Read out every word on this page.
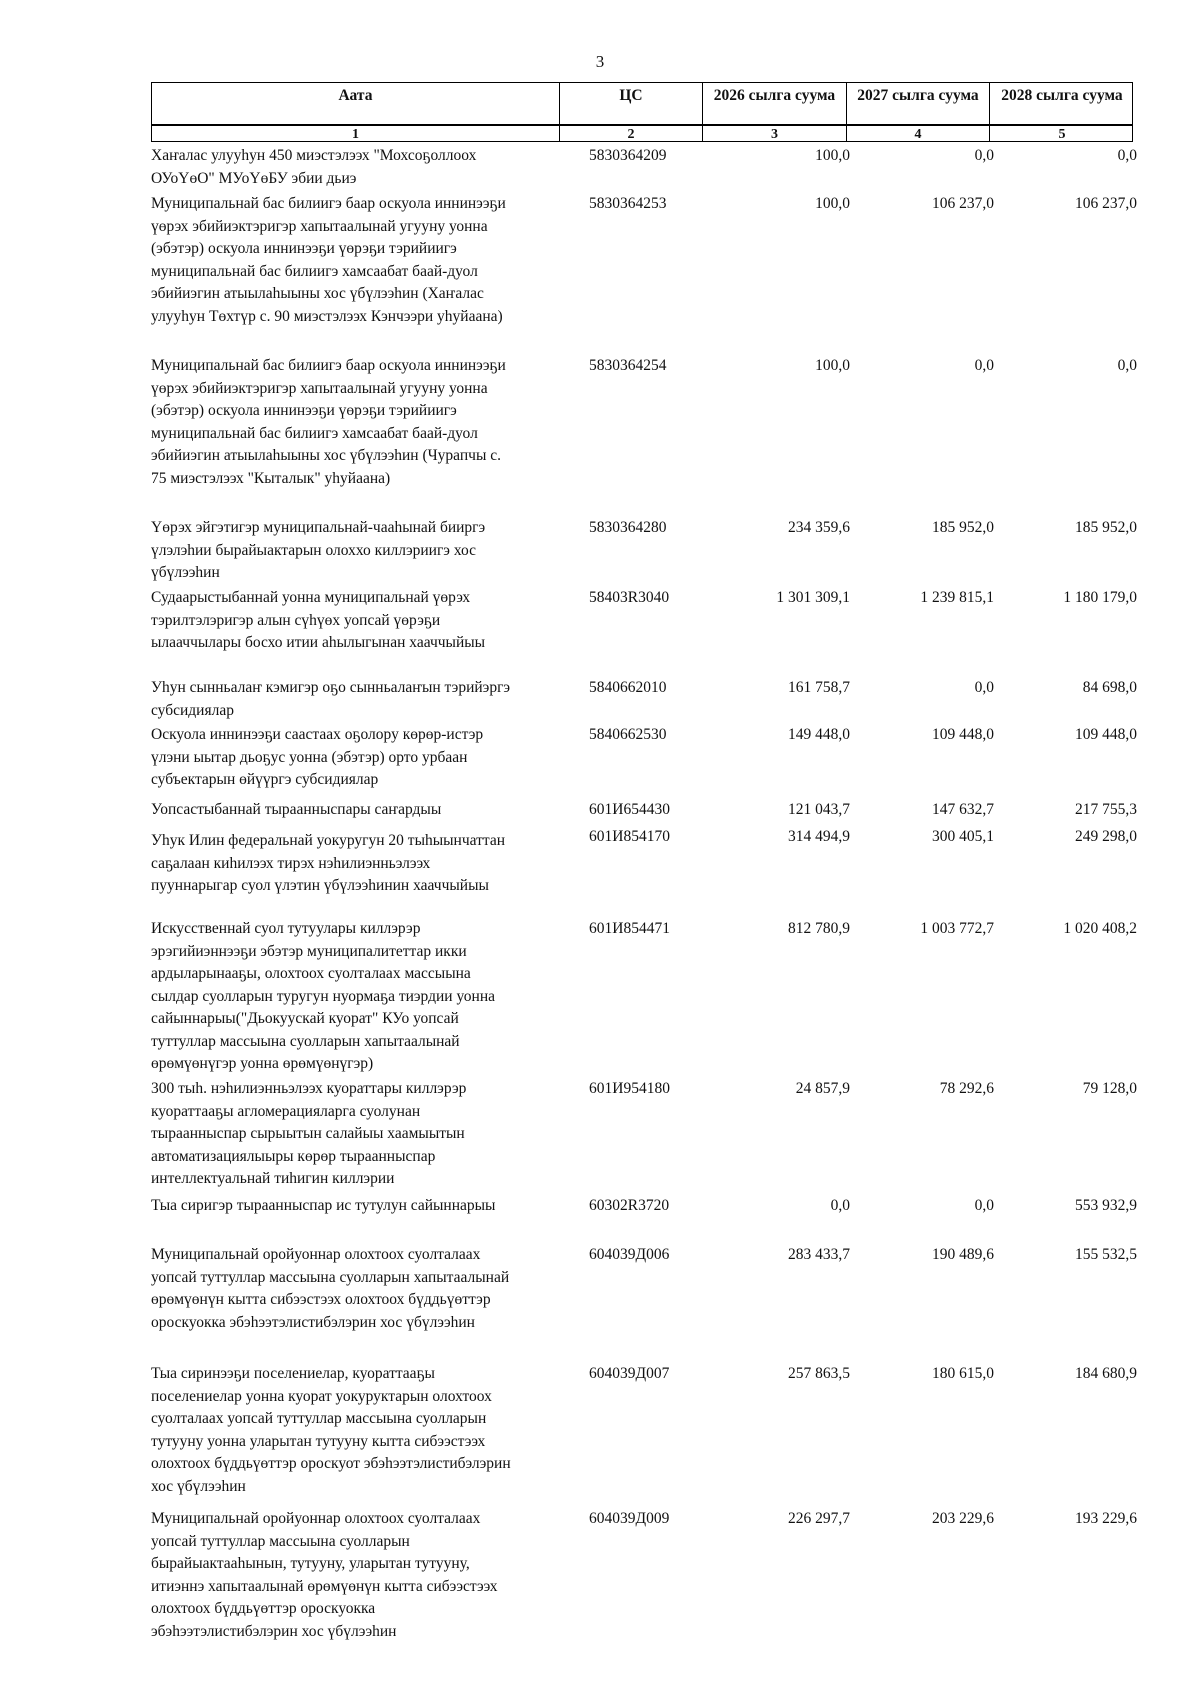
3
Аата	ЦС	2026 сылга суума	2027 сылга суума	2028 сылга суума
1	2	3	4	5
Хаҥалас улууһун 450 миэстэлээх "Мохсоҕоллоох
ОУоҮөО" МУоҮөБУ эбии дьиэ
5830364209	100,0	0,0	0,0
Муниципальнай бас билиигэ баар оскуола иннинээҕи
үөрэх эбийиэктэригэр хапытаалынай угууну уонна
(эбэтэр) оскуола иннинээҕи үөрэҕи тэрийиигэ
муниципальнай бас билиигэ хамсаабат баай-дуол
эбийиэгин атыылаһыыны хос үбүлээһин (Хаҥалас
улууһун Төхтүр с. 90 миэстэлээх Кэнчээри уһуйаана)
5830364253	100,0	106 237,0	106 237,0
Муниципальнай бас билиигэ баар оскуола иннинээҕи
үөрэх эбийиэктэригэр хапытаалынай угууну уонна
(эбэтэр) оскуола иннинээҕи үөрэҕи тэрийиигэ
муниципальнай бас билиигэ хамсаабат баай-дуол
эбийиэгин атыылаһыыны хос үбүлээһин (Чурапчы с.
75 миэстэлээх "Кыталык" уһуйаана)
5830364254	100,0	0,0	0,0
Үөрэх эйгэтигэр муниципальнай-чааһынай бииргэ
үлэлэһии бырайыактарын олоххо киллэриигэ хос
үбүлээһин
5830364280	234 359,6	185 952,0	185 952,0
Судаарыстыбаннай уонна муниципальнай үөрэх
тэрилтэлэригэр алын сүһүөх уопсай үөрэҕи
ылааччылары босхо итии аһылыгынан хааччыйыы
58403R3040	1 301 309,1	1 239 815,1	1 180 179,0
Уһун сынньалаҥ кэмигэр оҕо сынньалаҥын тэрийэргэ
субсидиялар
5840662010	161 758,7	0,0	84 698,0
Оскуола иннинээҕи саастаах оҕолору көрөр-истэр
үлэни ыытар дьоҕус уонна (эбэтэр) орто урбаан
субъектарын өйүүргэ субсидиялар
5840662530	149 448,0	109 448,0	109 448,0
Уопсастыбаннай тыраанныспары саҥардыы	601И654430	121 043,7	147 632,7	217 755,3
Уһук Илин федеральнай уокуругун 20 тыһыынчаттан
саҕалаан киһилээх тирэх нэһилиэнньэлээх
пууннарыгар суол үлэтин үбүлээһинин хааччыйыы
601И854170	314 494,9	300 405,1	249 298,0
Искусственнай суол тутуулары киллэрэр
эрэгийиэннээҕи эбэтэр муниципалитеттар икки
ардыларынааҕы, олохтоох суолталаах массыына
сылдар суолларын туругун нуормаҕа тиэрдии уонна
сайыннарыы("Дьокуускай куорат" КУо уопсай
туттуллар массыына суолларын хапытаалынай
өрөмүөнүгэр уонна өрөмүөнүгэр)
601И854471	812 780,9	1 003 772,7	1 020 408,2
300 тыһ. нэһилиэнньэлээх куораттары киллэрэр
куораттааҕы агломерацияларга суолунан
тыраанныспар сырыытын салайыы хаамыытын
автоматизациялыыры көрөр тыраанныспар
интеллектуальнай тиһигин киллэрии
601И954180	24 857,9	78 292,6	79 128,0
Тыа сиригэр тыраанныспар ис тутулун сайыннарыы	60302R3720	0,0	0,0	553 932,9
Муниципальнай оройуоннар олохтоох суолталаах
уопсай туттуллар массыына суолларын хапытаалынай
өрөмүөнүн кытта сибээстээх олохтоох бүддьүөттэр
ороскуокка эбэһээтэлистибэлэрин хос үбүлээһин
604039Д006	283 433,7	190 489,6	155 532,5
Тыа сиринээҕи поселениелар, куораттааҕы
поселениелар уонна куорат уокуруктарын олохтоох
суолталаах уопсай туттуллар массыына суолларын
тутууну уонна уларытан тутууну кытта сибээстээх
олохтоох бүддьүөттэр ороскуот эбэһээтэлистибэлэрин
хос үбүлээһин
604039Д007	257 863,5	180 615,0	184 680,9
Муниципальнай оройуоннар олохтоох суолталаах
уопсай туттуллар массыына суолларын
бырайыактааһынын, тутууну, уларытан тутууну,
итиэннэ хапытаалынай өрөмүөнүн кытта сибээстээх
олохтоох бүддьүөттэр ороскуокка
эбэһээтэлистибэлэрин хос үбүлээһин
604039Д009	226 297,7	203 229,6	193 229,6
